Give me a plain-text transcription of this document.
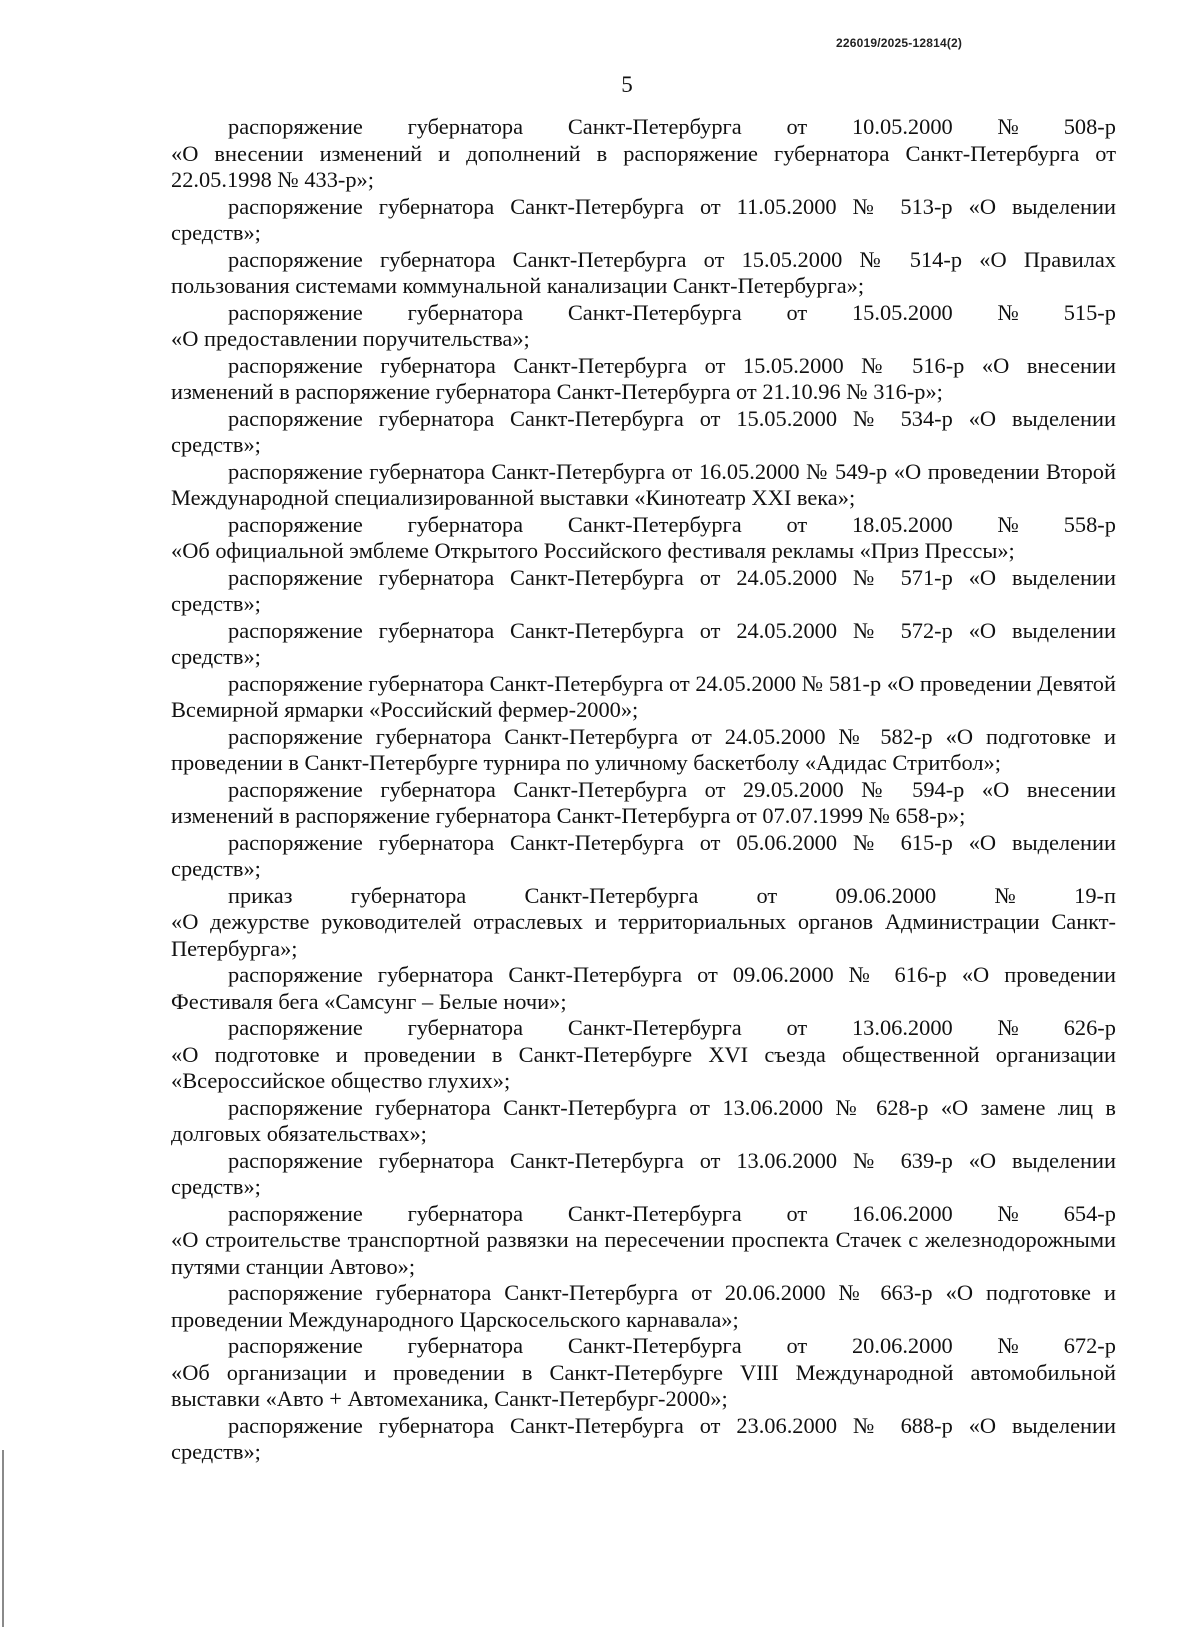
226019/2025-12814(2)
5
распоряжение губернатора Санкт-Петербурга от 10.05.2000 № 508-р
«О внесении изменений и дополнений в распоряжение губернатора Санкт-Петербурга от 22.05.1998 № 433-р»;
распоряжение губернатора Санкт-Петербурга от 11.05.2000 № 513-р «О выделении средств»;
распоряжение губернатора Санкт-Петербурга от 15.05.2000 № 514-р «О Правилах пользования системами коммунальной канализации Санкт-Петербурга»;
распоряжение губернатора Санкт-Петербурга от 15.05.2000 № 515-р
«О предоставлении поручительства»;
распоряжение губернатора Санкт-Петербурга от 15.05.2000 № 516-р «О внесении изменений в распоряжение губернатора Санкт-Петербурга от 21.10.96 № 316-р»;
распоряжение губернатора Санкт-Петербурга от 15.05.2000 № 534-р «О выделении средств»;
распоряжение губернатора Санкт-Петербурга от 16.05.2000 № 549-р «О проведении Второй Международной специализированной выставки «Кинотеатр XXI века»;
распоряжение губернатора Санкт-Петербурга от 18.05.2000 № 558-р
«Об официальной эмблеме Открытого Российского фестиваля рекламы «Приз Прессы»;
распоряжение губернатора Санкт-Петербурга от 24.05.2000 № 571-р «О выделении средств»;
распоряжение губернатора Санкт-Петербурга от 24.05.2000 № 572-р «О выделении средств»;
распоряжение губернатора Санкт-Петербурга от 24.05.2000 № 581-р «О проведении Девятой Всемирной ярмарки «Российский фермер-2000»;
распоряжение губернатора Санкт-Петербурга от 24.05.2000 № 582-р «О подготовке и проведении в Санкт-Петербурге турнира по уличному баскетболу «Адидас Стритбол»;
распоряжение губернатора Санкт-Петербурга от 29.05.2000 № 594-р «О внесении изменений в распоряжение губернатора Санкт-Петербурга от 07.07.1999 № 658-р»;
распоряжение губернатора Санкт-Петербурга от 05.06.2000 № 615-р «О выделении средств»;
приказ	губернатора	Санкт-Петербурга	от	09.06.2000	№	19-п
«О дежурстве руководителей отраслевых и территориальных органов Администрации Санкт-Петербурга»;
распоряжение губернатора Санкт-Петербурга от 09.06.2000 № 616-р «О проведении Фестиваля бега «Самсунг – Белые ночи»;
распоряжение губернатора Санкт-Петербурга от 13.06.2000 № 626-р
«О подготовке и проведении в Санкт-Петербурге XVI съезда общественной организации «Всероссийское общество глухих»;
распоряжение губернатора Санкт-Петербурга от 13.06.2000 № 628-р «О замене лиц в долговых обязательствах»;
распоряжение губернатора Санкт-Петербурга от 13.06.2000 № 639-р «О выделении средств»;
распоряжение губернатора Санкт-Петербурга от 16.06.2000 № 654-р
«О строительстве транспортной развязки на пересечении проспекта Стачек с железнодорожными путями станции Автово»;
распоряжение губернатора Санкт-Петербурга от 20.06.2000 № 663-р «О подготовке и проведении Международного Царскосельского карнавала»;
распоряжение губернатора Санкт-Петербурга от 20.06.2000 № 672-р
«Об организации и проведении в Санкт-Петербурге VIII Международной автомобильной выставки «Авто + Автомеханика, Санкт-Петербург-2000»;
распоряжение губернатора Санкт-Петербурга от 23.06.2000 № 688-р «О выделении средств»;
